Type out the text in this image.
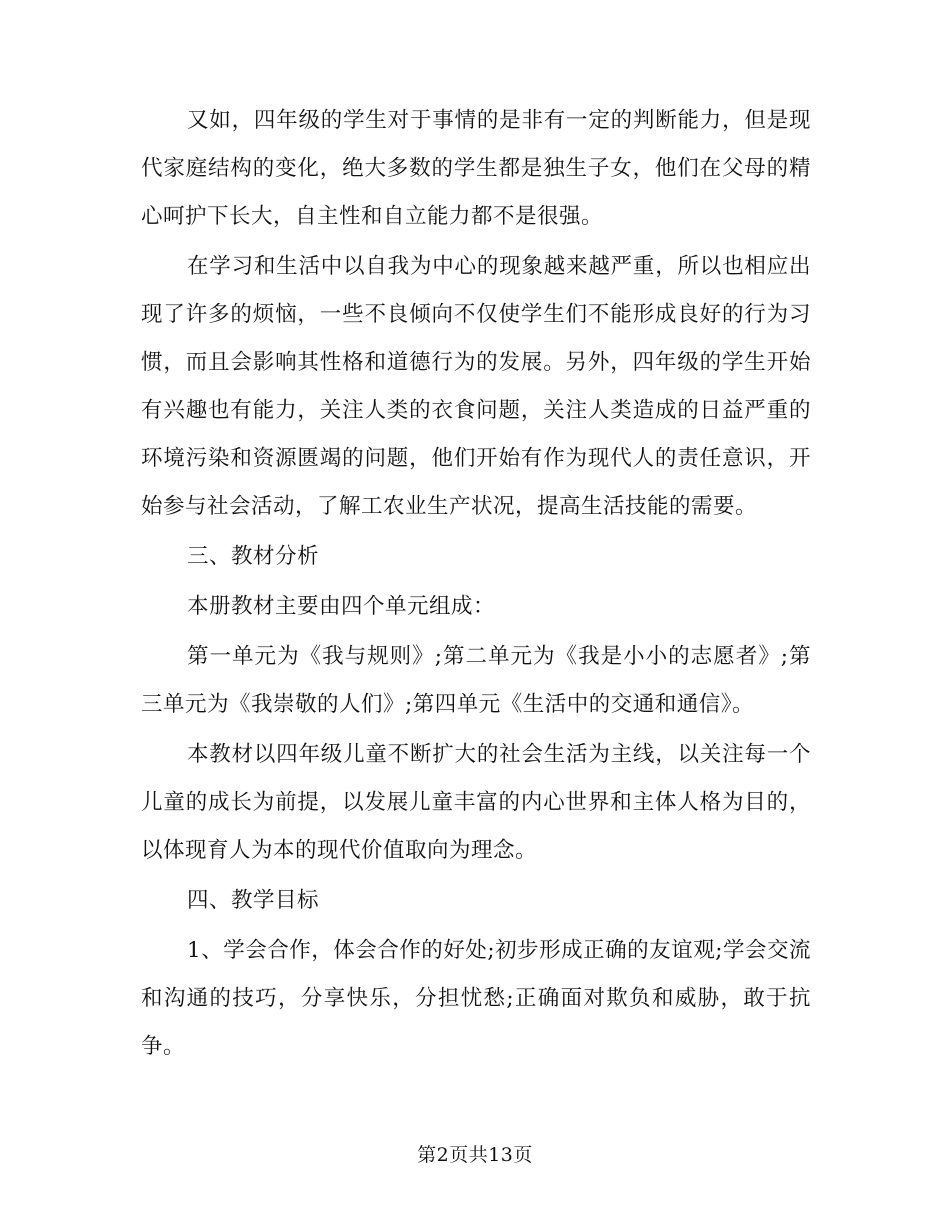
又如，四年级的学生对于事情的是非有一定的判断能力，但是现代家庭结构的变化，绝大多数的学生都是独生子女，他们在父母的精心呵护下长大，自主性和自立能力都不是很强。

在学习和生活中以自我为中心的现象越来越严重，所以也相应出现了许多的烦恼，一些不良倾向不仅使学生们不能形成良好的行为习惯，而且会影响其性格和道德行为的发展。另外，四年级的学生开始有兴趣也有能力，关注人类的衣食问题，关注人类造成的日益严重的环境污染和资源匮竭的问题，他们开始有作为现代人的责任意识，开始参与社会活动，了解工农业生产状况，提高生活技能的需要。

三、教材分析

本册教材主要由四个单元组成：

第一单元为《我与规则》;第二单元为《我是小小的志愿者》;第三单元为《我崇敬的人们》;第四单元《生活中的交通和通信》。

本教材以四年级儿童不断扩大的社会生活为主线，以关注每一个儿童的成长为前提，以发展儿童丰富的内心世界和主体人格为目的，以体现育人为本的现代价值取向为理念。

四、教学目标

1、学会合作，体会合作的好处;初步形成正确的友谊观;学会交流和沟通的技巧，分享快乐，分担忧愁;正确面对欺负和威胁，敢于抗争。

第2页共13页
